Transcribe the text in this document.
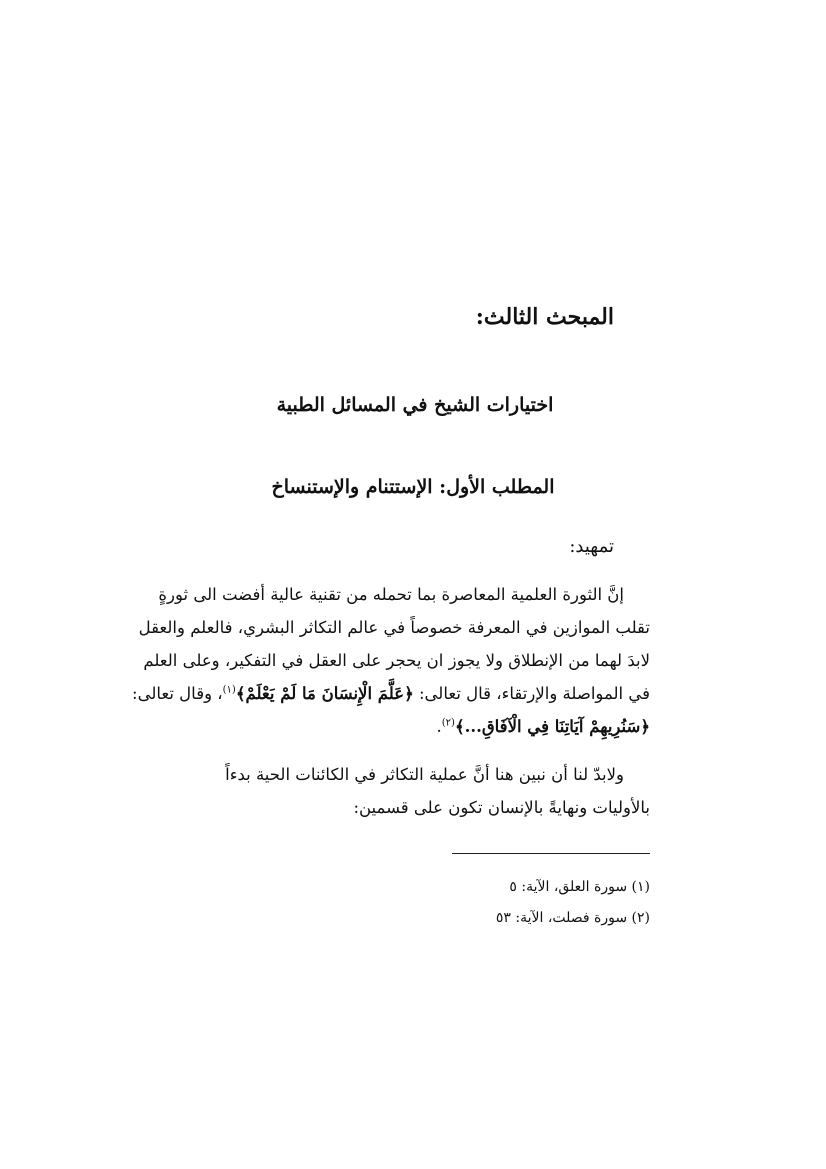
المبحث الثالث:
اختيارات الشيخ في المسائل الطبية
المطلب الأول: الإستتنام والإستنساخ
تمهيد:
إنَّ الثورة العلمية المعاصرة بما تحمله من تقنية عالية أفضت الى ثورةٍ
تقلب الموازين في المعرفة خصوصاً في عالم التكاثر البشري، فالعلم والعقل
لابدَ لهما من الإنطلاق ولا يجوز ان يحجر على العقل في التفكير، وعلى العلم
في المواصلة والإرتقاء، قال تعالى: ﴿عَلَّمَ الْإِنسَانَ مَا لَمْ يَعْلَمْ﴾$^{(١)}$، وقال تعالى:
﴿سَنُرِيهِمْ آيَاتِنَا فِي الْآفَاقِ...﴾$^{(٢)}$.
ولابدّ لنا أن نبين هنا أنَّ عملية التكاثر في الكائنات الحية بدءاً
بالأوليات ونهايةً بالإنسان تكون على قسمين:
(١) سورة العلق، الآية: ٥
(٢) سورة فصلت، الآية: ٥٣
